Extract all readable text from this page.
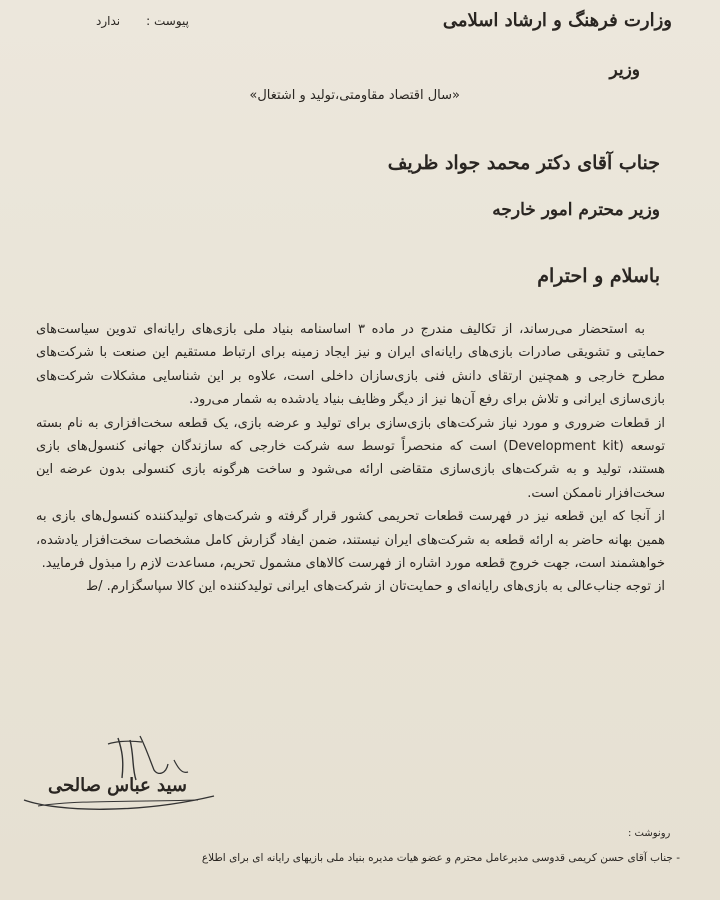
پیوست :
ندارد	وزارت فرهنگ و ارشاد اسلامی
وزیر
«سال اقتصاد مقاومتی،تولید و اشتغال»
جناب آقای دکتر محمد جواد ظریف
وزیر محترم امور خارجه
باسلام و احترام

به استحضار می‌رساند، از تکالیف مندرج در ماده ۳ اساسنامه بنیاد ملی بازی‌های رایانه‌ای تدوین سیاست‌های حمایتی و تشویقی صادرات بازی‌های رایانه‌ای ایران و نیز ایجاد زمینه برای ارتباط مستقیم این صنعت با شرکت‌های مطرح خارجی و همچنین ارتقای دانش فنی بازی‌سازان داخلی است، علاوه بر این شناسایی مشکلات شرکت‌های بازی‌سازی ایرانی و تلاش برای رفع آن‌ها نیز از دیگر وظایف بنیاد یادشده به شمار می‌رود.

از قطعات ضروری و مورد نیاز شرکت‌های بازی‌سازی برای تولید و عرضه بازی، یک قطعه سخت‌افزاری به نام بسته توسعه (Development kit) است که منحصراً توسط سه شرکت خارجی که سازندگان جهانی کنسول‌های بازی هستند، تولید و به شرکت‌های بازی‌سازی متقاضی ارائه می‌شود و ساخت هرگونه بازی کنسولی بدون عرضه این سخت‌افزار ناممکن است.

از آنجا که این قطعه نیز در فهرست قطعات تحریمی کشور قرار گرفته و شرکت‌های تولیدکننده کنسول‌های بازی به همین بهانه حاضر به ارائه قطعه به شرکت‌های ایران نیستند، ضمن ایفاد گزارش کامل مشخصات سخت‌افزار یادشده، خواهشمند است، جهت خروج قطعه مورد اشاره از فهرست کالاهای مشمول تحریم، مساعدت لازم را مبذول فرمایید.

از توجه جناب‌عالی به بازی‌های رایانه‌ای و حمایت‌تان از شرکت‌های ایرانی تولیدکننده این کالا سپاسگزارم. /ط

سید عباس صالحی
رونوشت :
- جناب آقای حسن کریمی قدوسی مدیرعامل محترم و عضو هیات مدیره بنیاد ملی بازیهای رایانه ای برای اطلاع
